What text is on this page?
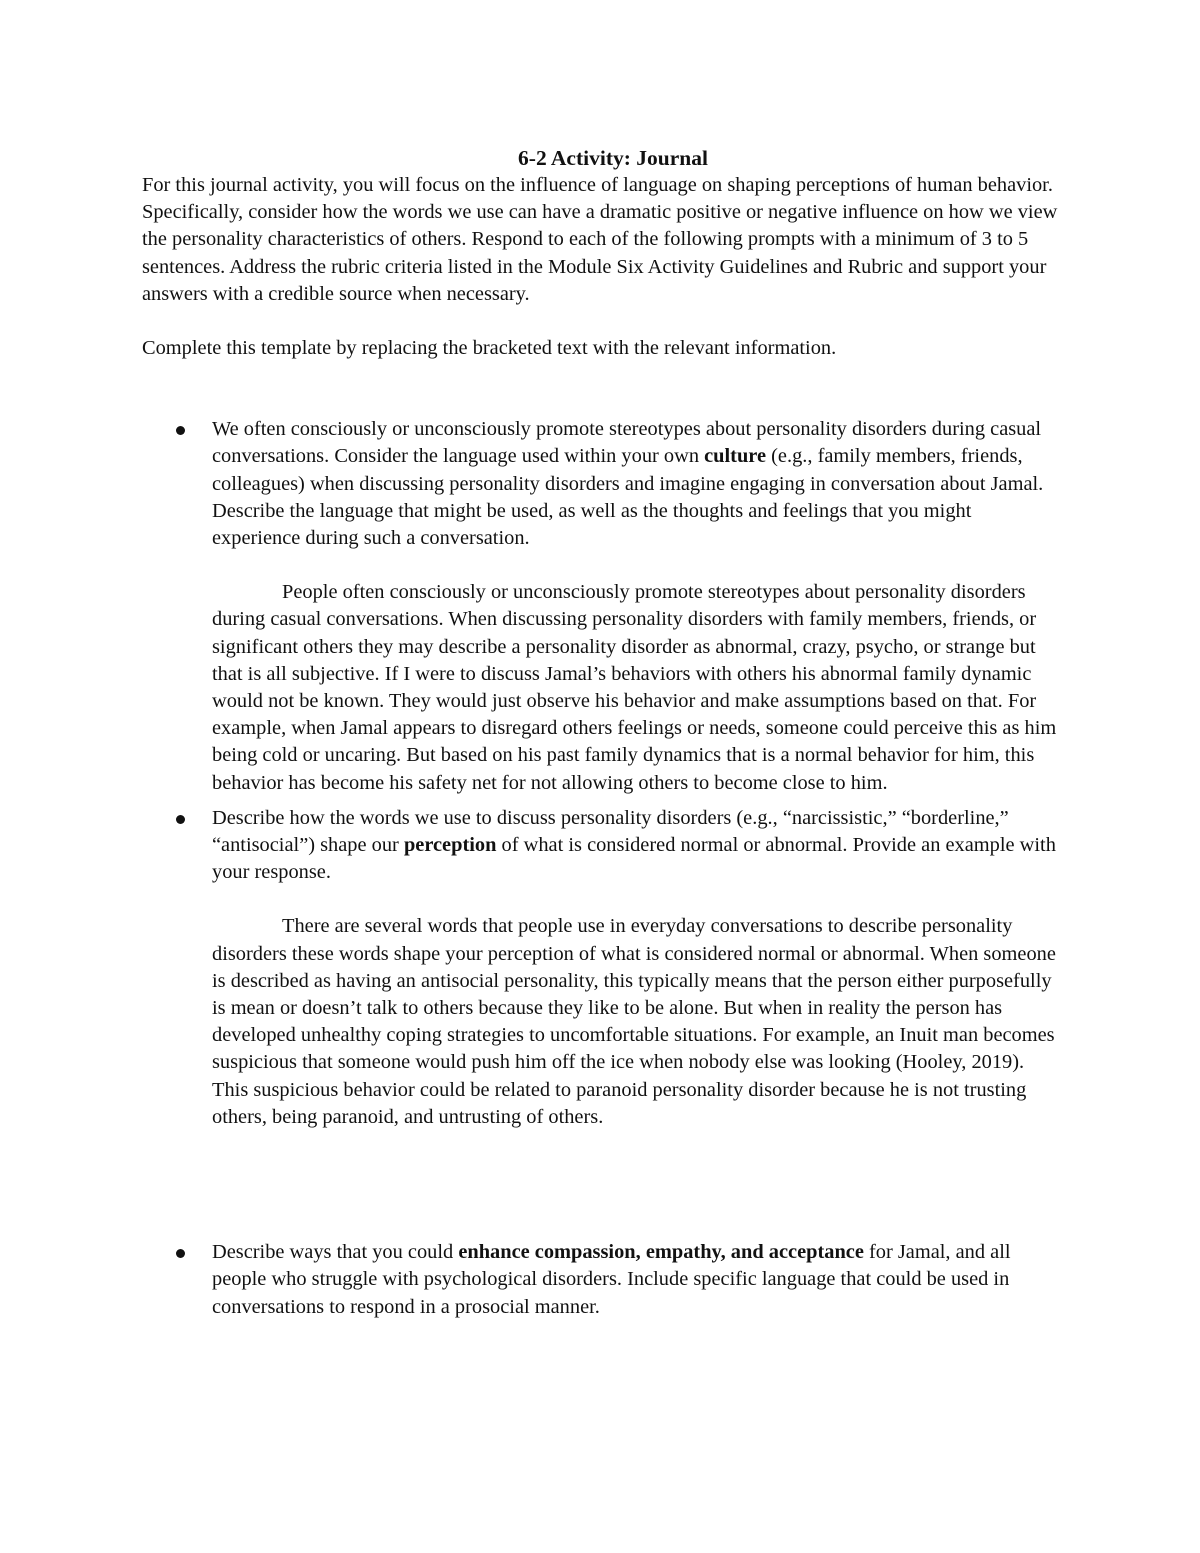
6-2 Activity: Journal

For this journal activity, you will focus on the influence of language on shaping perceptions of human behavior. Specifically, consider how the words we use can have a dramatic positive or negative influence on how we view the personality characteristics of others. Respond to each of the following prompts with a minimum of 3 to 5 sentences. Address the rubric criteria listed in the Module Six Activity Guidelines and Rubric and support your answers with a credible source when necessary.

Complete this template by replacing the bracketed text with the relevant information.

We often consciously or unconsciously promote stereotypes about personality disorders during casual conversations. Consider the language used within your own culture (e.g., family members, friends, colleagues) when discussing personality disorders and imagine engaging in conversation about Jamal. Describe the language that might be used, as well as the thoughts and feelings that you might experience during such a conversation.

People often consciously or unconsciously promote stereotypes about personality disorders during casual conversations. When discussing personality disorders with family members, friends, or significant others they may describe a personality disorder as abnormal, crazy, psycho, or strange but that is all subjective. If I were to discuss Jamal’s behaviors with others his abnormal family dynamic would not be known. They would just observe his behavior and make assumptions based on that. For example, when Jamal appears to disregard others feelings or needs, someone could perceive this as him being cold or uncaring. But based on his past family dynamics that is a normal behavior for him, this behavior has become his safety net for not allowing others to become close to him.

Describe how the words we use to discuss personality disorders (e.g., “narcissistic,” “borderline,” “antisocial”) shape our perception of what is considered normal or abnormal. Provide an example with your response.

There are several words that people use in everyday conversations to describe personality disorders these words shape your perception of what is considered normal or abnormal. When someone is described as having an antisocial personality, this typically means that the person either purposefully is mean or doesn’t talk to others because they like to be alone. But when in reality the person has developed unhealthy coping strategies to uncomfortable situations. For example, an Inuit man becomes suspicious that someone would push him off the ice when nobody else was looking (Hooley, 2019). This suspicious behavior could be related to paranoid personality disorder because he is not trusting others, being paranoid, and untrusting of others.

Describe ways that you could enhance compassion, empathy, and acceptance for Jamal, and all people who struggle with psychological disorders. Include specific language that could be used in conversations to respond in a prosocial manner.
